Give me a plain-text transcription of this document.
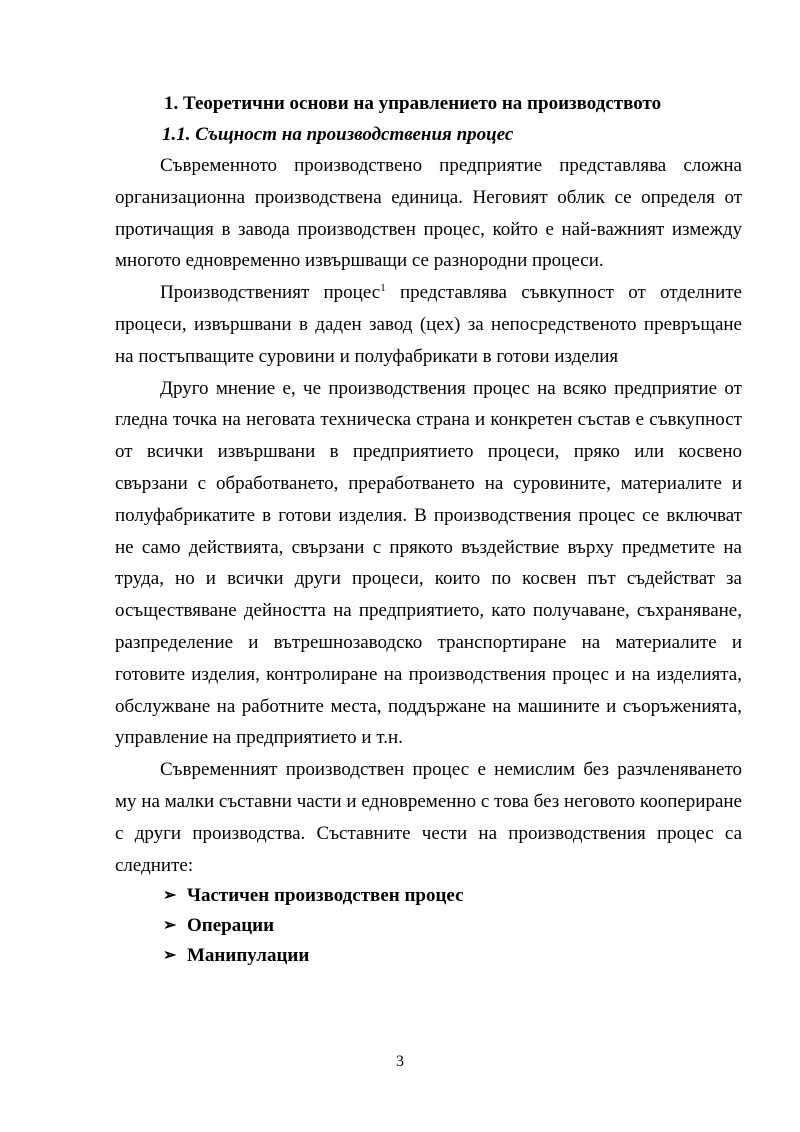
1. Теоретични основи на управлението на производството
1.1. Същност на производствения процес

Съвременното производствено предприятие представлява сложна организационна производствена единица. Неговият облик се определя от протичащия в завода производствен процес, който е най-важният измежду многото едновременно извършващи се разнородни процеси.

Производственият процес$^1$ представлява съвкупност от отделните процеси, извършвани в даден завод (цех) за непосредственото превръщане на постъпващите суровини и полуфабрикати в готови изделия

Друго мнение е, че производствения процес на всяко предприятие от гледна точка на неговата техническа страна и конкретен състав е съвкупност от всички извършвани в предприятието процеси, пряко или косвено свързани с обработването, преработването на суровините, материалите и полуфабрикатите в готови изделия. В производствения процес се включват не само действията, свързани с прякото въздействие върху предметите на труда, но и всички други процеси, които по косвен път съдействат за осъществяване дейността на предприятието, като получаване, съхраняване, разпределение и вътрешнозаводско транспортиране на материалите и готовите изделия, контролиране на производствения процес и на изделията, обслужване на работните места, поддържане на машините и съоръженията, управление на предприятието и т.н.

Съвременният производствен процес е немислим без разчленяването му на малки съставни части и едновременно с това без неговото коопериране с други производства. Съставните чести на производствения процес са следните:

➢ Частичен производствен процес
➢ Операции
➢ Манипулации
3
